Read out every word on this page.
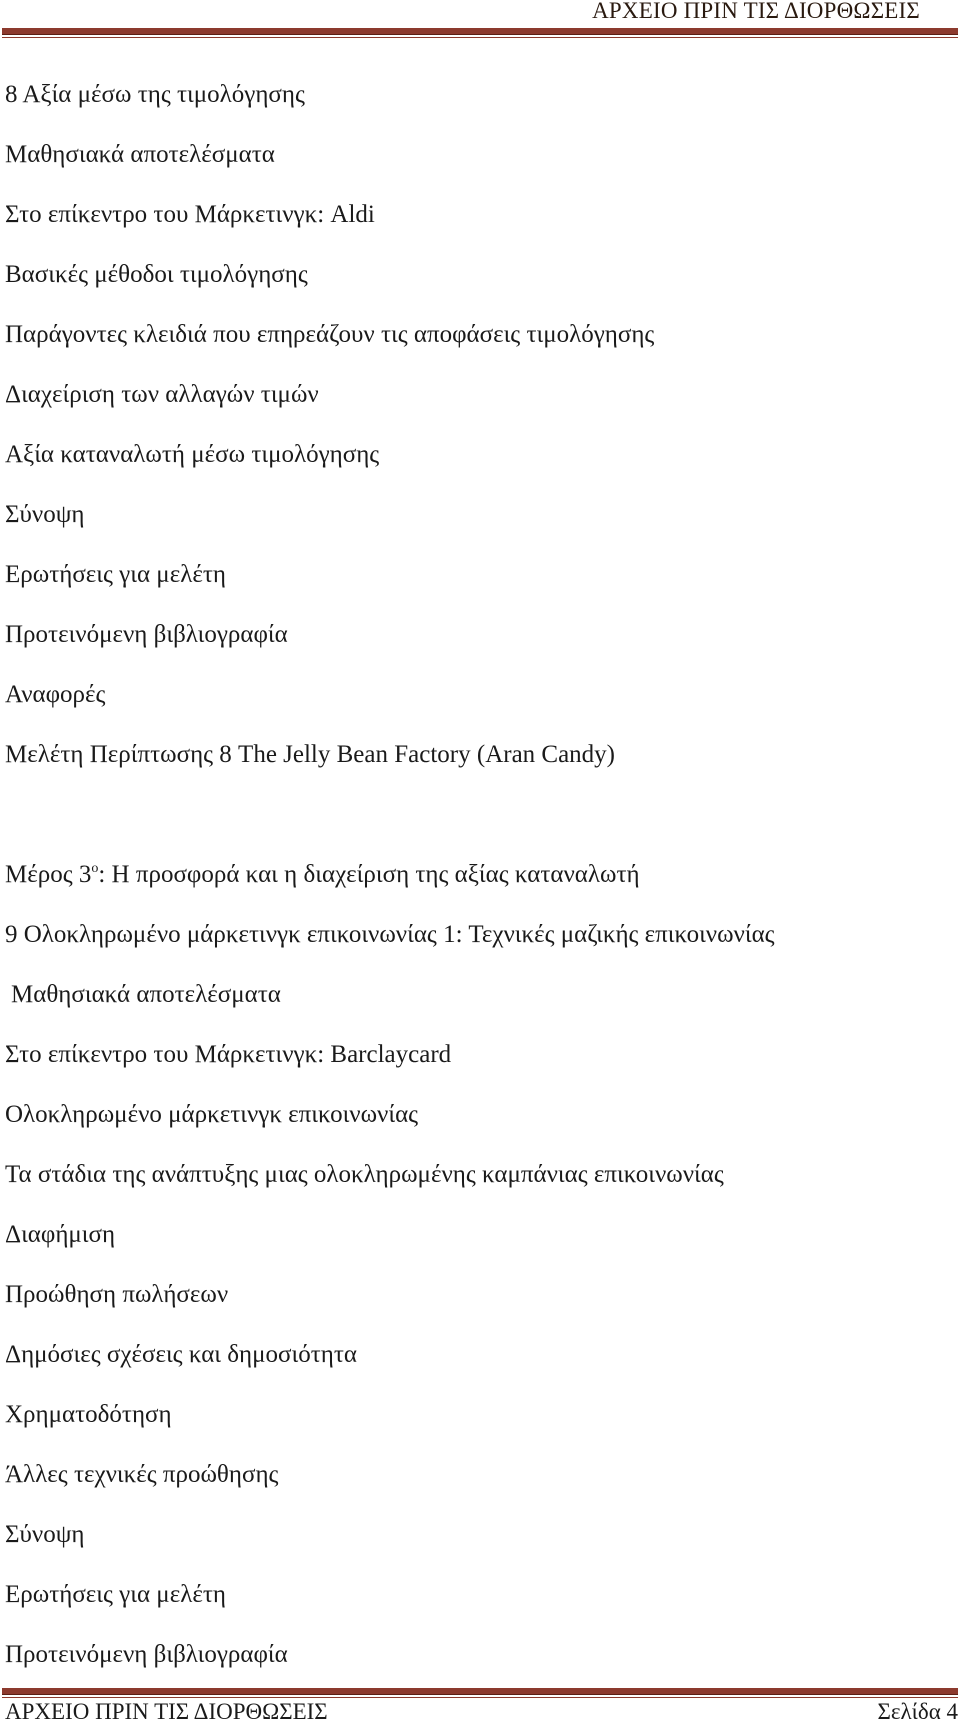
ΑΡΧΕΙΟ ΠΡΙΝ ΤΙΣ ΔΙΟΡΘΩΣΕΙΣ
8 Αξία μέσω της τιμολόγησης
Μαθησιακά αποτελέσματα
Στο επίκεντρο του Μάρκετινγκ: Aldi
Βασικές μέθοδοι τιμολόγησης
Παράγοντες κλειδιά που επηρεάζουν τις αποφάσεις τιμολόγησης
Διαχείριση των αλλαγών τιμών
Αξία καταναλωτή μέσω τιμολόγησης
Σύνοψη
Ερωτήσεις για μελέτη
Προτεινόμενη βιβλιογραφία
Αναφορές
Μελέτη Περίπτωσης 8 The Jelly Bean Factory (Aran Candy)
Μέρος $3^o$: Η προσφορά και η διαχείριση της αξίας καταναλωτή
9 Ολοκληρωμένο μάρκετινγκ επικοινωνίας 1: Τεχνικές μαζικής επικοινωνίας
Μαθησιακά αποτελέσματα
Στο επίκεντρο του Μάρκετινγκ: Barclaycard
Ολοκληρωμένο μάρκετινγκ επικοινωνίας
Τα στάδια της ανάπτυξης μιας ολοκληρωμένης καμπάνιας επικοινωνίας
Διαφήμιση
Προώθηση πωλήσεων
Δημόσιες σχέσεις και δημοσιότητα
Χρηματοδότηση
Άλλες τεχνικές προώθησης
Σύνοψη
Ερωτήσεις για μελέτη
Προτεινόμενη βιβλιογραφία
ΑΡΧΕΙΟ ΠΡΙΝ ΤΙΣ ΔΙΟΡΘΩΣΕΙΣ	Σελίδα 4
